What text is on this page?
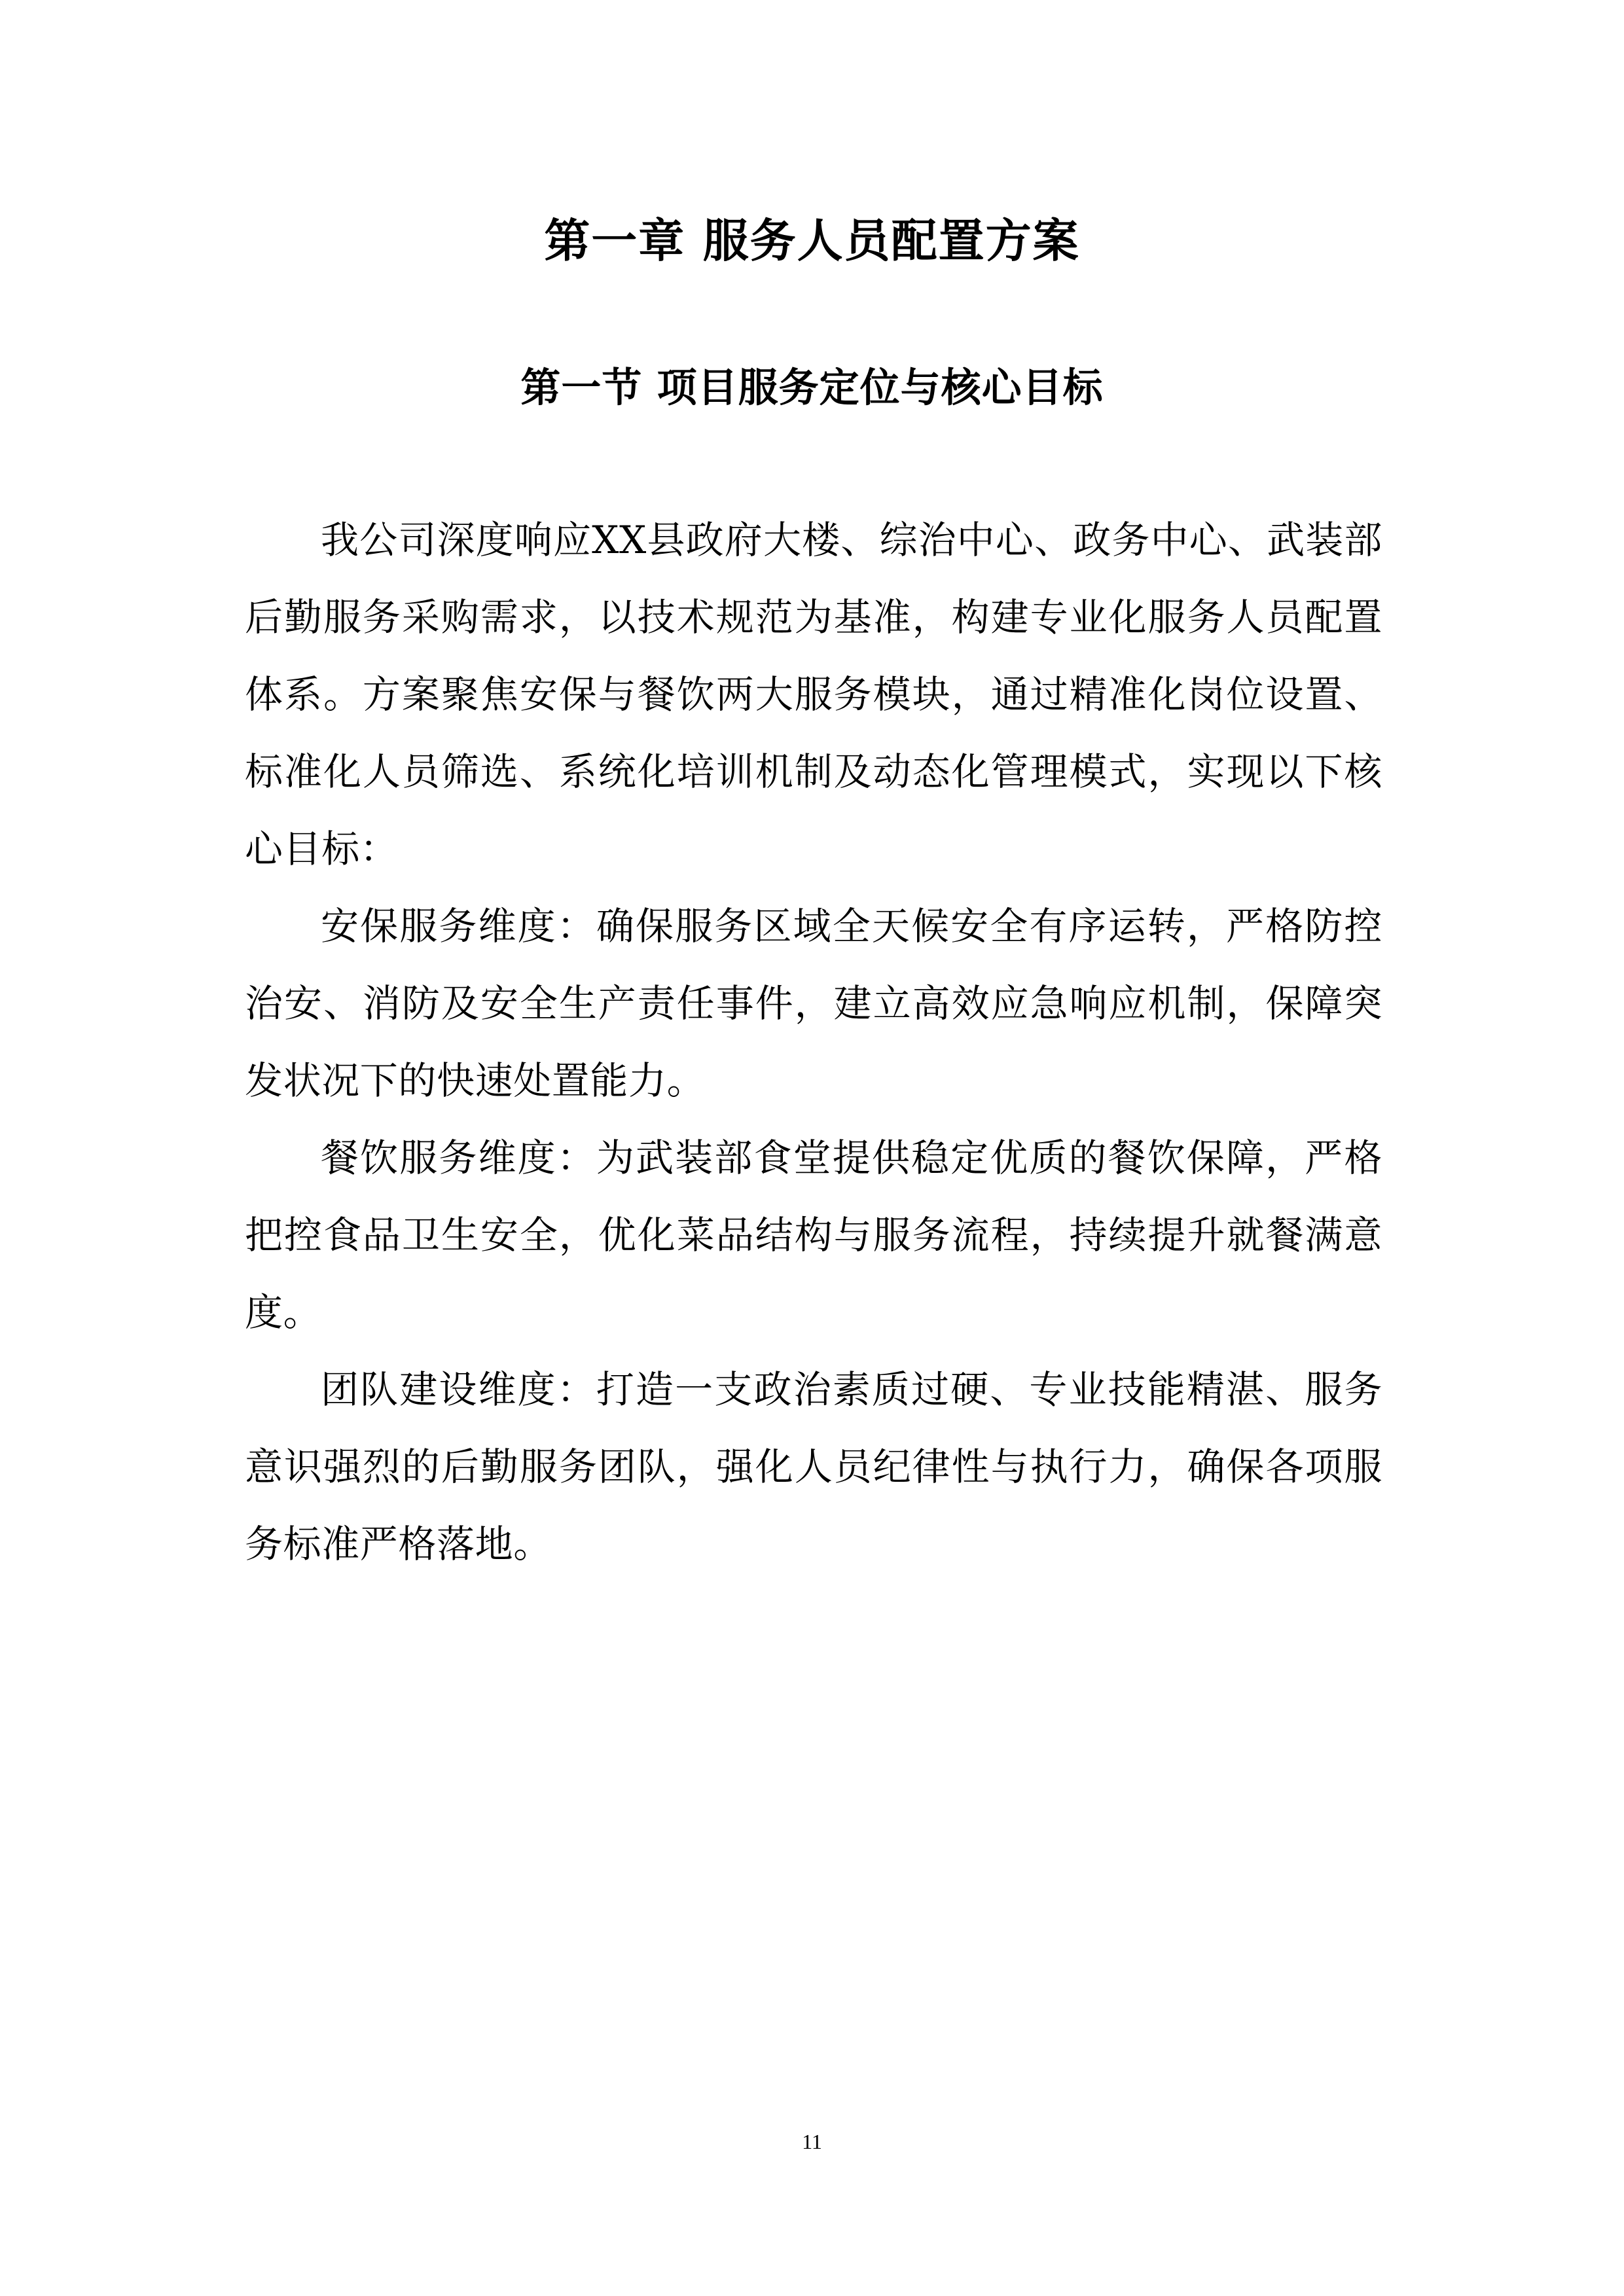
第一章 服务人员配置方案
第一节 项目服务定位与核心目标

我公司深度响应XX县政府大楼、综治中心、政务中心、武装部后勤服务采购需求，以技术规范为基准，构建专业化服务人员配置体系。方案聚焦安保与餐饮两大服务模块，通过精准化岗位设置、标准化人员筛选、系统化培训机制及动态化管理模式，实现以下核心目标：

安保服务维度：确保服务区域全天候安全有序运转，严格防控治安、消防及安全生产责任事件，建立高效应急响应机制，保障突发状况下的快速处置能力。

餐饮服务维度：为武装部食堂提供稳定优质的餐饮保障，严格把控食品卫生安全，优化菜品结构与服务流程，持续提升就餐满意度。

团队建设维度：打造一支政治素质过硬、专业技能精湛、服务意识强烈的后勤服务团队，强化人员纪律性与执行力，确保各项服务标准严格落地。

11
